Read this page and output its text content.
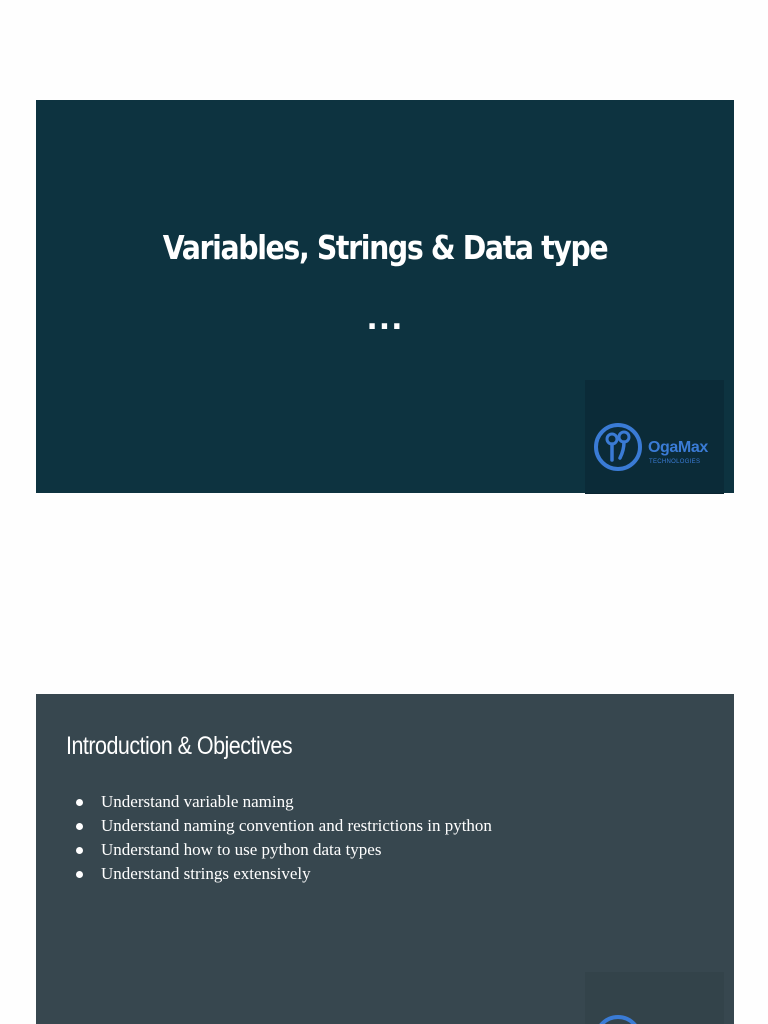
Variables, Strings & Data type
...
OgaMax
TECHNOLOGIES
Introduction & Objectives
Understand variable naming
Understand naming convention and restrictions in python
Understand how to use python data types
Understand strings extensively
